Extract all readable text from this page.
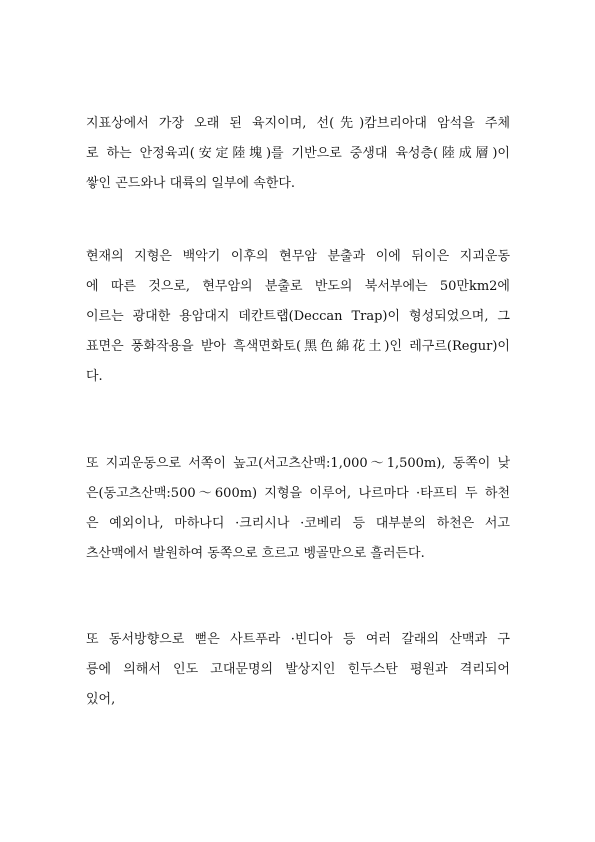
지표상에서 가장 오래 된 육지이며, 선(先)캄브리아대 암석을 주체
로 하는 안정육괴(安定陸塊)를 기반으로 중생대 육성층(陸成層)이
쌓인 곤드와나 대륙의 일부에 속한다.
현재의 지형은 백악기 이후의 현무암 분출과 이에 뒤이은 지괴운동
에 따른 것으로, 현무암의 분출로 반도의 북서부에는 50만km2에
이르는 광대한 용암대지 데칸트랩(Deccan Trap)이 형성되었으며, 그
표면은 풍화작용을 받아 흑색면화토(黑色綿花土)인 레구르(Regur)이
다.
또 지괴운동으로 서쪽이 높고(서고츠산맥:1,000～1,500m), 동쪽이 낮
은(동고츠산맥:500～600m) 지형을 이루어, 나르마다 ·타프티 두 하천
은 예외이나, 마하나디 ·크리시나 ·코베리 등 대부분의 하천은 서고
츠산맥에서 발원하여 동쪽으로 흐르고 벵골만으로 흘러든다.
또 동서방향으로 뻗은 사트푸라 ·빈디아 등 여러 갈래의 산맥과 구
릉에 의해서 인도 고대문명의 발상지인 힌두스탄 평원과 격리되어
있어,
